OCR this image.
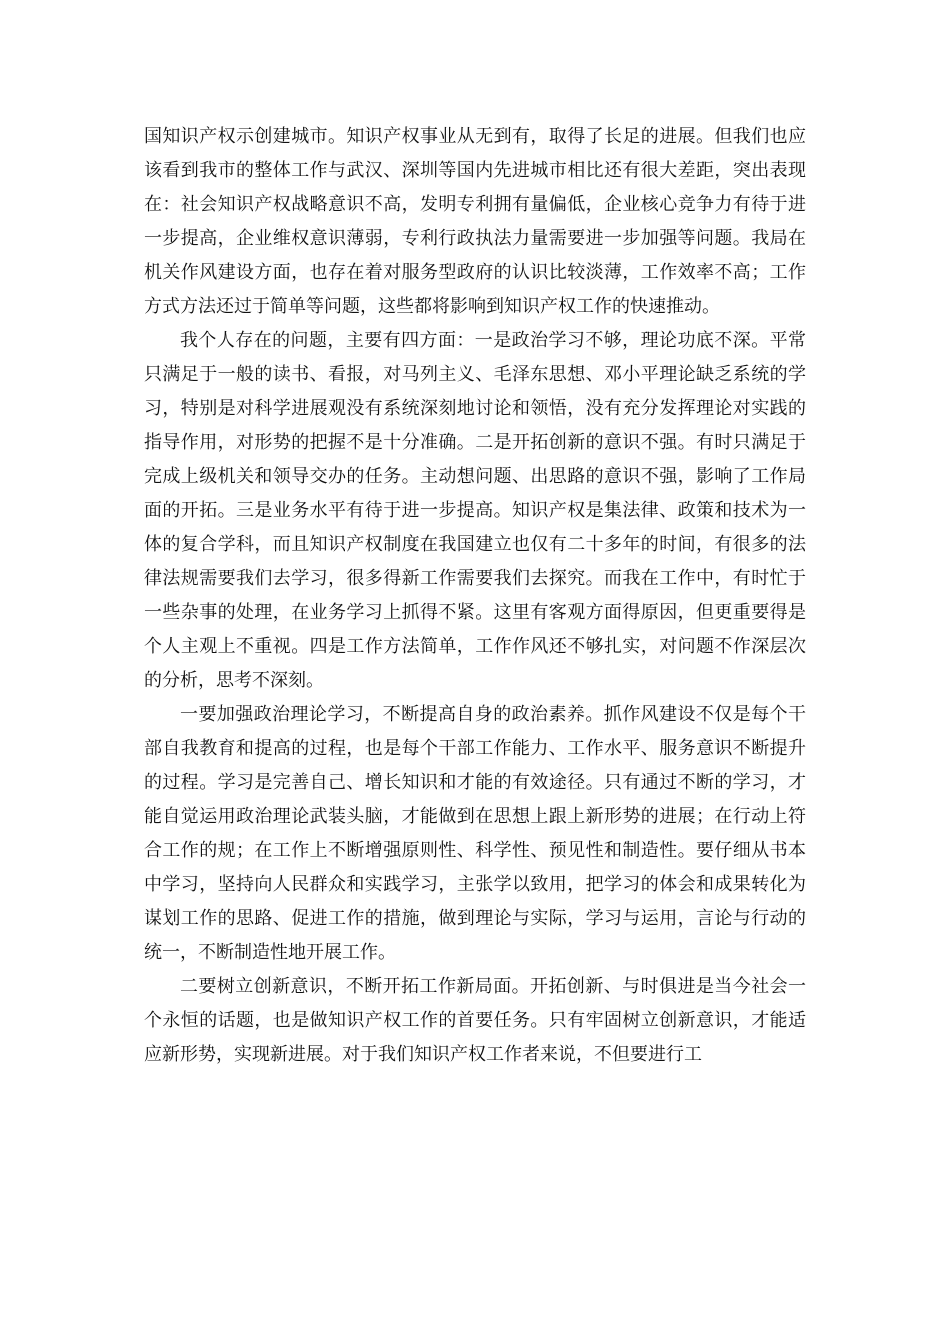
国知识产权示创建城市。知识产权事业从无到有，取得了长足的进展。但我们也应该看到我市的整体工作与武汉、深圳等国内先进城市相比还有很大差距，突出表现在：社会知识产权战略意识不高，发明专利拥有量偏低，企业核心竞争力有待于进一步提高，企业维权意识薄弱，专利行政执法力量需要进一步加强等问题。我局在机关作风建设方面，也存在着对服务型政府的认识比较淡薄，工作效率不高；工作方式方法还过于简单等问题，这些都将影响到知识产权工作的快速推动。

我个人存在的问题，主要有四方面：一是政治学习不够，理论功底不深。平常只满足于一般的读书、看报，对马列主义、毛泽东思想、邓小平理论缺乏系统的学习，特别是对科学进展观没有系统深刻地讨论和领悟，没有充分发挥理论对实践的指导作用，对形势的把握不是十分准确。二是开拓创新的意识不强。有时只满足于完成上级机关和领导交办的任务。主动想问题、出思路的意识不强，影响了工作局面的开拓。三是业务水平有待于进一步提高。知识产权是集法律、政策和技术为一体的复合学科，而且知识产权制度在我国建立也仅有二十多年的时间，有很多的法律法规需要我们去学习，很多得新工作需要我们去探究。而我在工作中，有时忙于一些杂事的处理，在业务学习上抓得不紧。这里有客观方面得原因，但更重要得是个人主观上不重视。四是工作方法简单，工作作风还不够扎实，对问题不作深层次的分析，思考不深刻。

一要加强政治理论学习，不断提高自身的政治素养。抓作风建设不仅是每个干部自我教育和提高的过程，也是每个干部工作能力、工作水平、服务意识不断提升的过程。学习是完善自己、增长知识和才能的有效途径。只有通过不断的学习，才能自觉运用政治理论武装头脑，才能做到在思想上跟上新形势的进展；在行动上符合工作的规；在工作上不断增强原则性、科学性、预见性和制造性。要仔细从书本中学习，坚持向人民群众和实践学习，主张学以致用，把学习的体会和成果转化为谋划工作的思路、促进工作的措施，做到理论与实际，学习与运用，言论与行动的统一，不断制造性地开展工作。

二要树立创新意识，不断开拓工作新局面。开拓创新、与时俱进是当今社会一个永恒的话题，也是做知识产权工作的首要任务。只有牢固树立创新意识，才能适应新形势，实现新进展。对于我们知识产权工作者来说，不但要进行工
